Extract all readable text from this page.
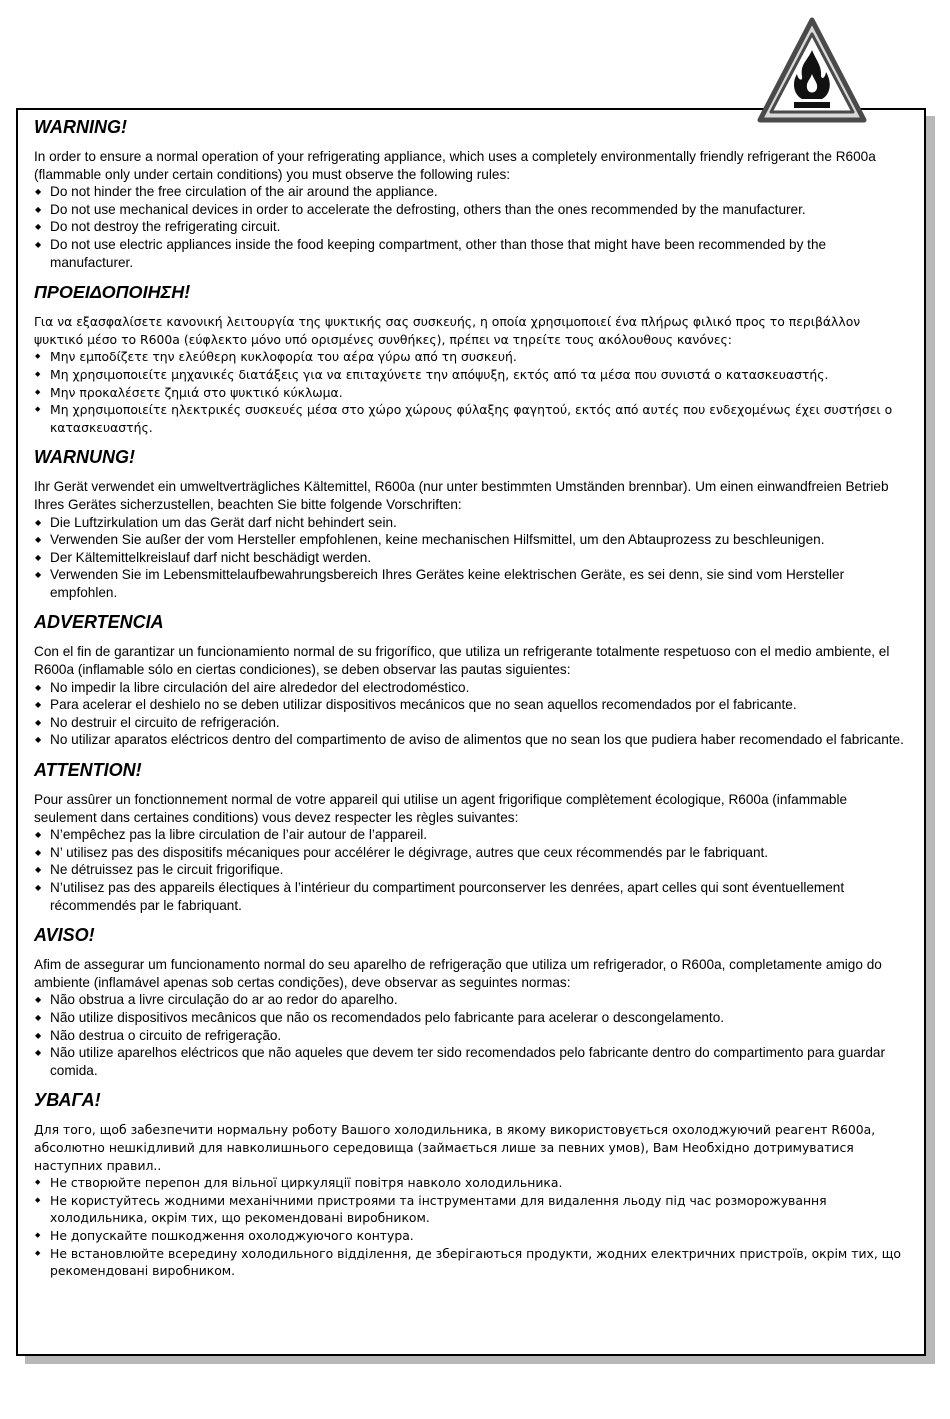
WARNING!

In order to ensure a normal operation of your refrigerating appliance, which uses a completely environmentally friendly refrigerant the R600a (flammable only under certain conditions) you must observe the following rules:

◆ Do not hinder the free circulation of the air around the appliance.
◆ Do not use mechanical devices in order to accelerate the defrosting, others than the ones recommended by the manufacturer.
◆ Do not destroy the refrigerating circuit.
◆ Do not use electric appliances inside the food keeping compartment, other than those that might have been recommended by the manufacturer.
ΠΡΟΕΙΔΟΠΟΙΗΣΗ!

Για να εξασφαλίσετε κανονική λειτουργία της ψυκτικής σας συσκευής, η οποία χρησιμοποιεί ένα πλήρως φιλικό προς το περιβάλλον ψυκτικό μέσο το R600a (εύφλεκτο μόνο υπό ορισμένες συνθήκες), πρέπει να τηρείτε τους ακόλουθους κανόνες:

◆ Μην εμποδίζετε την ελεύθερη κυκλοφορία του αέρα γύρω από τη συσκευή.
◆ Μη χρησιμοποιείτε μηχανικές διατάξεις για να επιταχύνετε την απόψυξη, εκτός από τα μέσα που συνιστά ο κατασκευαστής.
◆ Μην προκαλέσετε ζημιά στο ψυκτικό κύκλωμα.
◆ Μη χρησιμοποιείτε ηλεκτρικές συσκευές μέσα στο χώρο χώρους φύλαξης φαγητού, εκτός από αυτές που ενδεχομένως έχει συστήσει ο κατασκευαστής.
WARNUNG!

Ihr Gerät verwendet ein umweltverträgliches Kältemittel, R600a (nur unter bestimmten Umständen brennbar). Um einen einwandfreien Betrieb Ihres Gerätes sicherzustellen, beachten Sie bitte folgende Vorschriften:

◆ Die Luftzirkulation um das Gerät darf nicht behindert sein.
◆ Verwenden Sie außer der vom Hersteller empfohlenen, keine mechanischen Hilfsmittel, um den Abtauprozess zu beschleunigen.
◆ Der Kältemittelkreislauf darf nicht beschädigt werden.
◆ Verwenden Sie im Lebensmittelaufbewahrungsbereich Ihres Gerätes keine elektrischen Geräte, es sei denn, sie sind vom Hersteller empfohlen.
ADVERTENCIA

Con el fin de garantizar un funcionamiento normal de su frigorífico, que utiliza un refrigerante totalmente respetuoso con el medio ambiente, el R600a (inflamable sólo en ciertas condiciones), se deben observar las pautas siguientes:

◆ No impedir la libre circulación del aire alrededor del electrodoméstico.
◆ Para acelerar el deshielo no se deben utilizar dispositivos mecánicos que no sean aquellos recomendados por el fabricante.
◆ No destruir el circuito de refrigeración.
◆ No utilizar aparatos eléctricos dentro del compartimento de aviso de alimentos que no sean los que pudiera haber recomendado el fabricante.
ATTENTION!

Pour assûrer un fonctionnement normal de votre appareil qui utilise un agent frigorifique complètement écologique, R600a (infammable seulement dans certaines conditions) vous devez respecter les règles suivantes:

◆ N’empêchez pas la libre circulation de l’air autour de l’appareil.
◆ N’ utilisez pas des dispositifs mécaniques pour accélérer le dégivrage, autres que ceux récommendés par le fabriquant.
◆ Ne détruissez pas le circuit frigorifique.
◆ N’utilisez pas des appareils électiques à l’intérieur du compartiment pourconserver les denrées, apart celles qui sont éventuellement récommendés par le fabriquant.
AVISO!

Afim de assegurar um funcionamento normal do seu aparelho de refrigeração que utiliza um refrigerador, o R600a, completamente amigo do ambiente (inflamável apenas sob certas condições), deve observar as seguintes normas:

◆ Não obstrua a livre circulação do ar ao redor do aparelho.
◆ Não utilize dispositivos mecânicos que não os recomendados pelo fabricante para acelerar o descongelamento.
◆ Não destrua o circuito de refrigeração.
◆ Não utilize aparelhos eléctricos que não aqueles que devem ter sido recomendados pelo fabricante dentro do compartimento para guardar comida.
УВАГА!

Для того, щоб забезпечити нормальну роботу Вашого холодильника, в якому використовується охолоджуючий реагент R600a, абсолютно нешкідливий для навколишнього середовища (займається лише за певних умов), Вам Необхідно дотримуватися наступних правил..

◆ Не створюйте перепон для вільної циркуляції повітря навколо холодильника.
◆ Не користуйтесь жодними механічними пристроями та інструментами для видалення льоду під час розморожування холодильника, окрім тих, що рекомендовані виробником.
◆ Не допускайте пошкодження охолоджуючого контура.
◆ Не встановлюйте всередину холодильного відділення, де зберігаються продукти, жодних електричних пристроїв, окрім тих, що рекомендовані виробником.
